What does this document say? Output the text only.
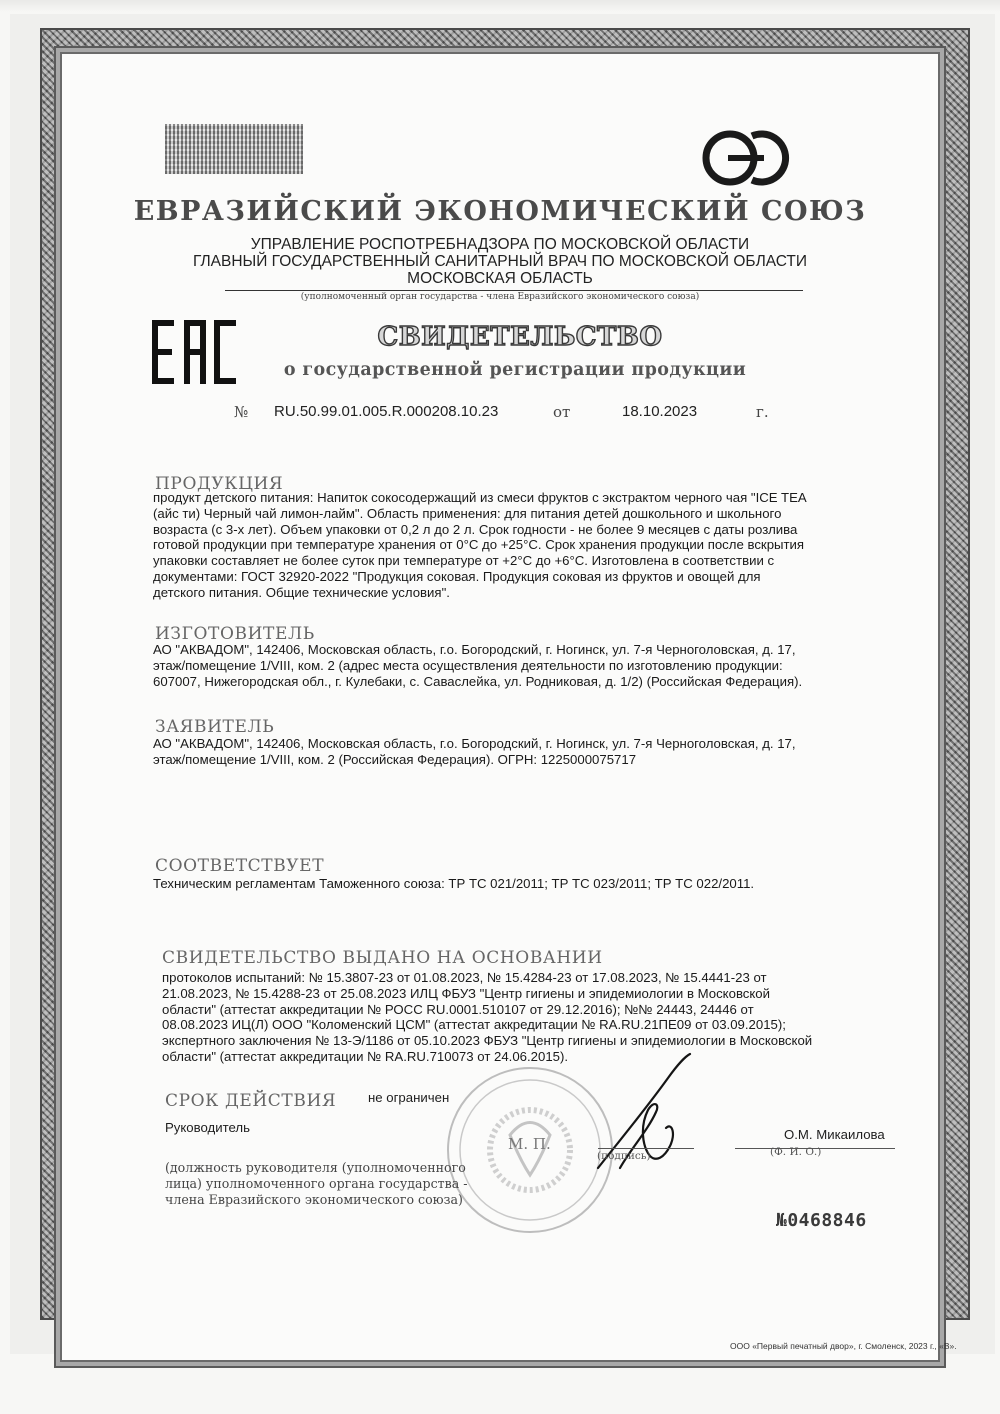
ЕВРАЗИЙСКИЙ ЭКОНОМИЧЕСКИЙ СОЮЗ
УПРАВЛЕНИЕ РОСПОТРЕБНАДЗОРА ПО МОСКОВСКОЙ ОБЛАСТИ
ГЛАВНЫЙ ГОСУДАРСТВЕННЫЙ САНИТАРНЫЙ ВРАЧ ПО МОСКОВСКОЙ ОБЛАСТИ
МОСКОВСКАЯ ОБЛАСТЬ
(уполномоченный орган государства - члена Евразийского экономического союза)
СВИДЕТЕЛЬСТВО
о государственной регистрации продукции
№ RU.50.99.01.005.R.000208.10.23	от	18.10.2023	г.
ПРОДУКЦИЯ
продукт детского питания: Напиток сокосодержащий из смеси фруктов с экстрактом черного чая "ICE TEA
(айс ти) Черный чай лимон-лайм". Область применения: для питания детей дошкольного и школьного
возраста (с 3-х лет). Объем упаковки от 0,2 л до 2 л. Срок годности - не более 9 месяцев с даты розлива
готовой продукции при температуре хранения от 0°С до +25°С. Срок хранения продукции после вскрытия
упаковки составляет не более суток при температуре от +2°С до +6°С. Изготовлена в соответствии с
документами: ГОСТ 32920-2022 "Продукция соковая. Продукция соковая из фруктов и овощей для
детского питания. Общие технические условия".
ИЗГОТОВИТЕЛЬ
АО "АКВАДОМ", 142406, Московская область, г.о. Богородский, г. Ногинск, ул. 7-я Черноголовская, д. 17,
этаж/помещение 1/VIII, ком. 2 (адрес места осуществления деятельности по изготовлению продукции:
607007, Нижегородская обл., г. Кулебаки, с. Саваслейка, ул. Родниковая, д. 1/2) (Российская Федерация).
ЗАЯВИТЕЛЬ
АО "АКВАДОМ", 142406, Московская область, г.о. Богородский, г. Ногинск, ул. 7-я Черноголовская, д. 17,
этаж/помещение 1/VIII, ком. 2 (Российская Федерация). ОГРН: 1225000075717
СООТВЕТСТВУЕТ
Техническим регламентам Таможенного союза: ТР ТС 021/2011; ТР ТС 023/2011; ТР ТС 022/2011.
СВИДЕТЕЛЬСТВО ВЫДАНО НА ОСНОВАНИИ
протоколов испытаний: № 15.3807-23 от 01.08.2023, № 15.4284-23 от 17.08.2023, № 15.4441-23 от
21.08.2023, № 15.4288-23 от 25.08.2023 ИЛЦ ФБУЗ "Центр гигиены и эпидемиологии в Московской
области" (аттестат аккредитации № РОСС RU.0001.510107 от 29.12.2016); №№ 24443, 24446 от
08.08.2023 ИЦ(Л) ООО "Коломенский ЦСМ" (аттестат аккредитации № RA.RU.21ПЕ09 от 03.09.2015);
экспертного заключения № 13-Э/1186 от 05.10.2023 ФБУЗ "Центр гигиены и эпидемиологии в Московской
области" (аттестат аккредитации № RA.RU.710073 от 24.06.2015).
СРОК ДЕЙСТВИЯ не ограничен
Руководитель
М. П.
О.М. Микаилова
(подпись)	(Ф. И. О.)
(должность руководителя (уполномоченного
лица) уполномоченного органа государства -
члена Евразийского экономического союза)
№0468846
ООО «Первый печатный двор», г. Смоленск, 2023 г., «В».
